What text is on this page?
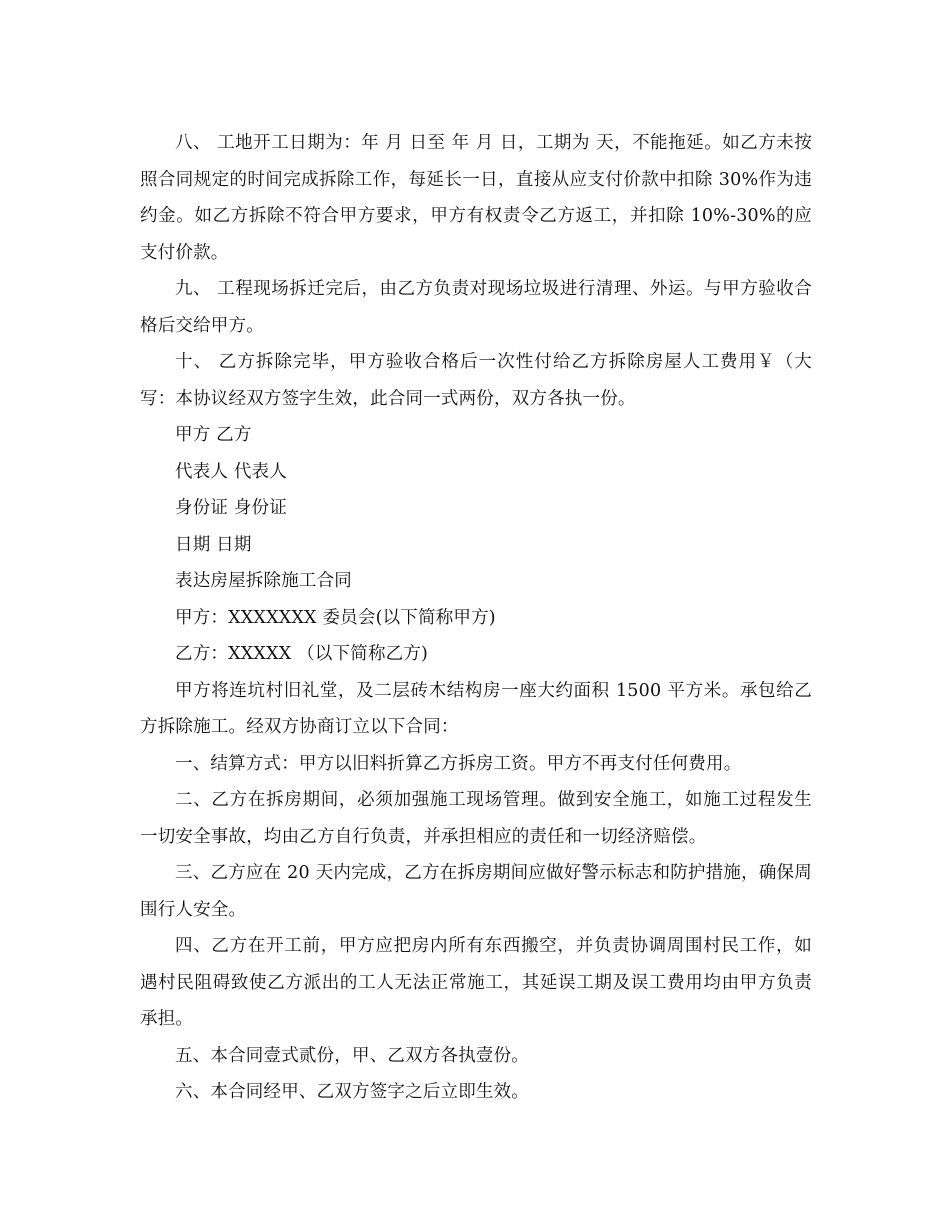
八、 工地开工日期为：年 月 日至 年 月 日，工期为 天，不能拖延。如乙方未按照合同规定的时间完成拆除工作，每延长一日，直接从应支付价款中扣除 30%作为违约金。如乙方拆除不符合甲方要求，甲方有权责令乙方返工，并扣除 10%-30%的应支付价款。

九、 工程现场拆迁完后，由乙方负责对现场垃圾进行清理、外运。与甲方验收合格后交给甲方。

十、 乙方拆除完毕，甲方验收合格后一次性付给乙方拆除房屋人工费用￥（大写：本协议经双方签字生效，此合同一式两份，双方各执一份。

甲方 乙方

代表人 代表人

身份证 身份证

日期 日期

表达房屋拆除施工合同

甲方：XXXXXXX 委员会(以下简称甲方)

乙方：XXXXX （以下简称乙方)

甲方将连坑村旧礼堂，及二层砖木结构房一座大约面积 1500 平方米。承包给乙方拆除施工。经双方协商订立以下合同：

一、结算方式：甲方以旧料折算乙方拆房工资。甲方不再支付任何费用。

二、乙方在拆房期间，必须加强施工现场管理。做到安全施工，如施工过程发生一切安全事故，均由乙方自行负责，并承担相应的责任和一切经济赔偿。

三、乙方应在 20 天内完成，乙方在拆房期间应做好警示标志和防护措施，确保周围行人安全。

四、乙方在开工前，甲方应把房内所有东西搬空，并负责协调周围村民工作，如遇村民阻碍致使乙方派出的工人无法正常施工，其延误工期及误工费用均由甲方负责承担。

五、本合同壹式贰份，甲、乙双方各执壹份。

六、本合同经甲、乙双方签字之后立即生效。
